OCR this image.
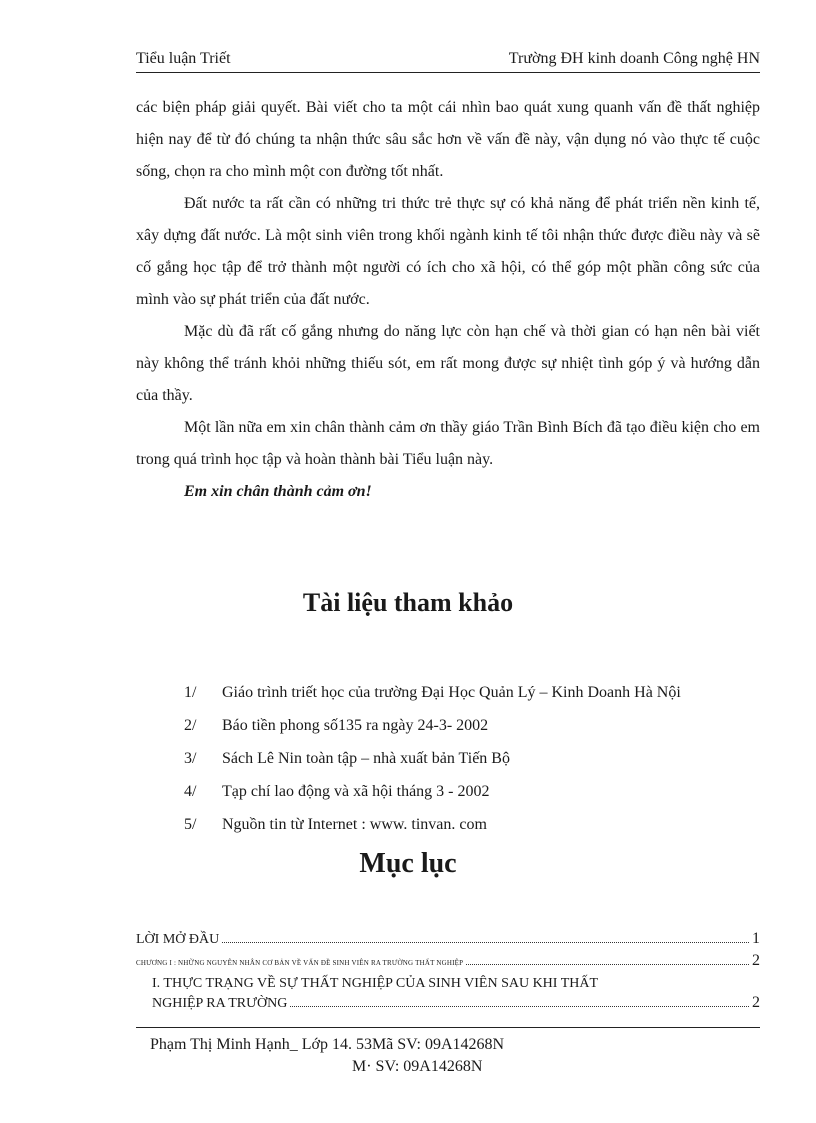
Tiểu luận Triết	Trường ĐH kinh doanh Công nghệ HN

các biện pháp giải quyết. Bài viết cho ta một cái nhìn bao quát xung quanh vấn đề thất nghiệp hiện nay để từ đó chúng ta nhận thức sâu sắc hơn về vấn đề này, vận dụng nó vào thực tế cuộc sống, chọn ra cho mình một con đường tốt nhất.

Đất nước ta rất cần có những tri thức trẻ thực sự có khả năng để phát triển nền kinh tế, xây dựng đất nước. Là một sinh viên trong khối ngành kinh tế tôi nhận thức được điều này và sẽ cố gắng học tập để trở thành một người có ích cho xã hội, có thể góp một phần công sức của mình vào sự phát triển của đất nước.

Mặc dù đã rất cố gắng nhưng do năng lực còn hạn chế và thời gian có hạn nên bài viết này không thể tránh khỏi những thiếu sót, em rất mong được sự nhiệt tình góp ý và hướng dẫn của thầy.

Một lần nữa em xin chân thành cảm ơn thầy giáo Trần Bình Bích đã tạo điều kiện cho em trong quá trình học tập và hoàn thành bài Tiểu luận này.

Em xin chân thành cảm ơn!

Tài liệu tham khảo
1/ Giáo trình triết học của trường Đại Học Quản Lý – Kinh Doanh Hà Nội
2/ Báo tiền phong số135 ra ngày 24-3- 2002
3/ Sách Lê Nin toàn tập – nhà xuất bản Tiến Bộ
4/ Tạp chí lao động và xã hội tháng 3 - 2002
5/ Nguồn tin từ Internet : www. tinvan. com
Mục lục
LỜI MỞ ĐẦU	1
CHƯƠNG I : NHỮNG NGUYÊN NHÂN CƠ BẢN VỀ VẤN ĐỀ SINH VIÊN RA TRƯỜNG THẤT NGHIỆP	2
I. THỰC TRẠNG VỀ SỰ THẤT NGHIỆP CỦA SINH VIÊN SAU KHI THẤT
NGHIỆP RA TRƯỜNG	2
Phạm Thị Minh Hạnh_ Lớp 14. 53Mã SV: 09A14268N
M· SV: 09A14268N
